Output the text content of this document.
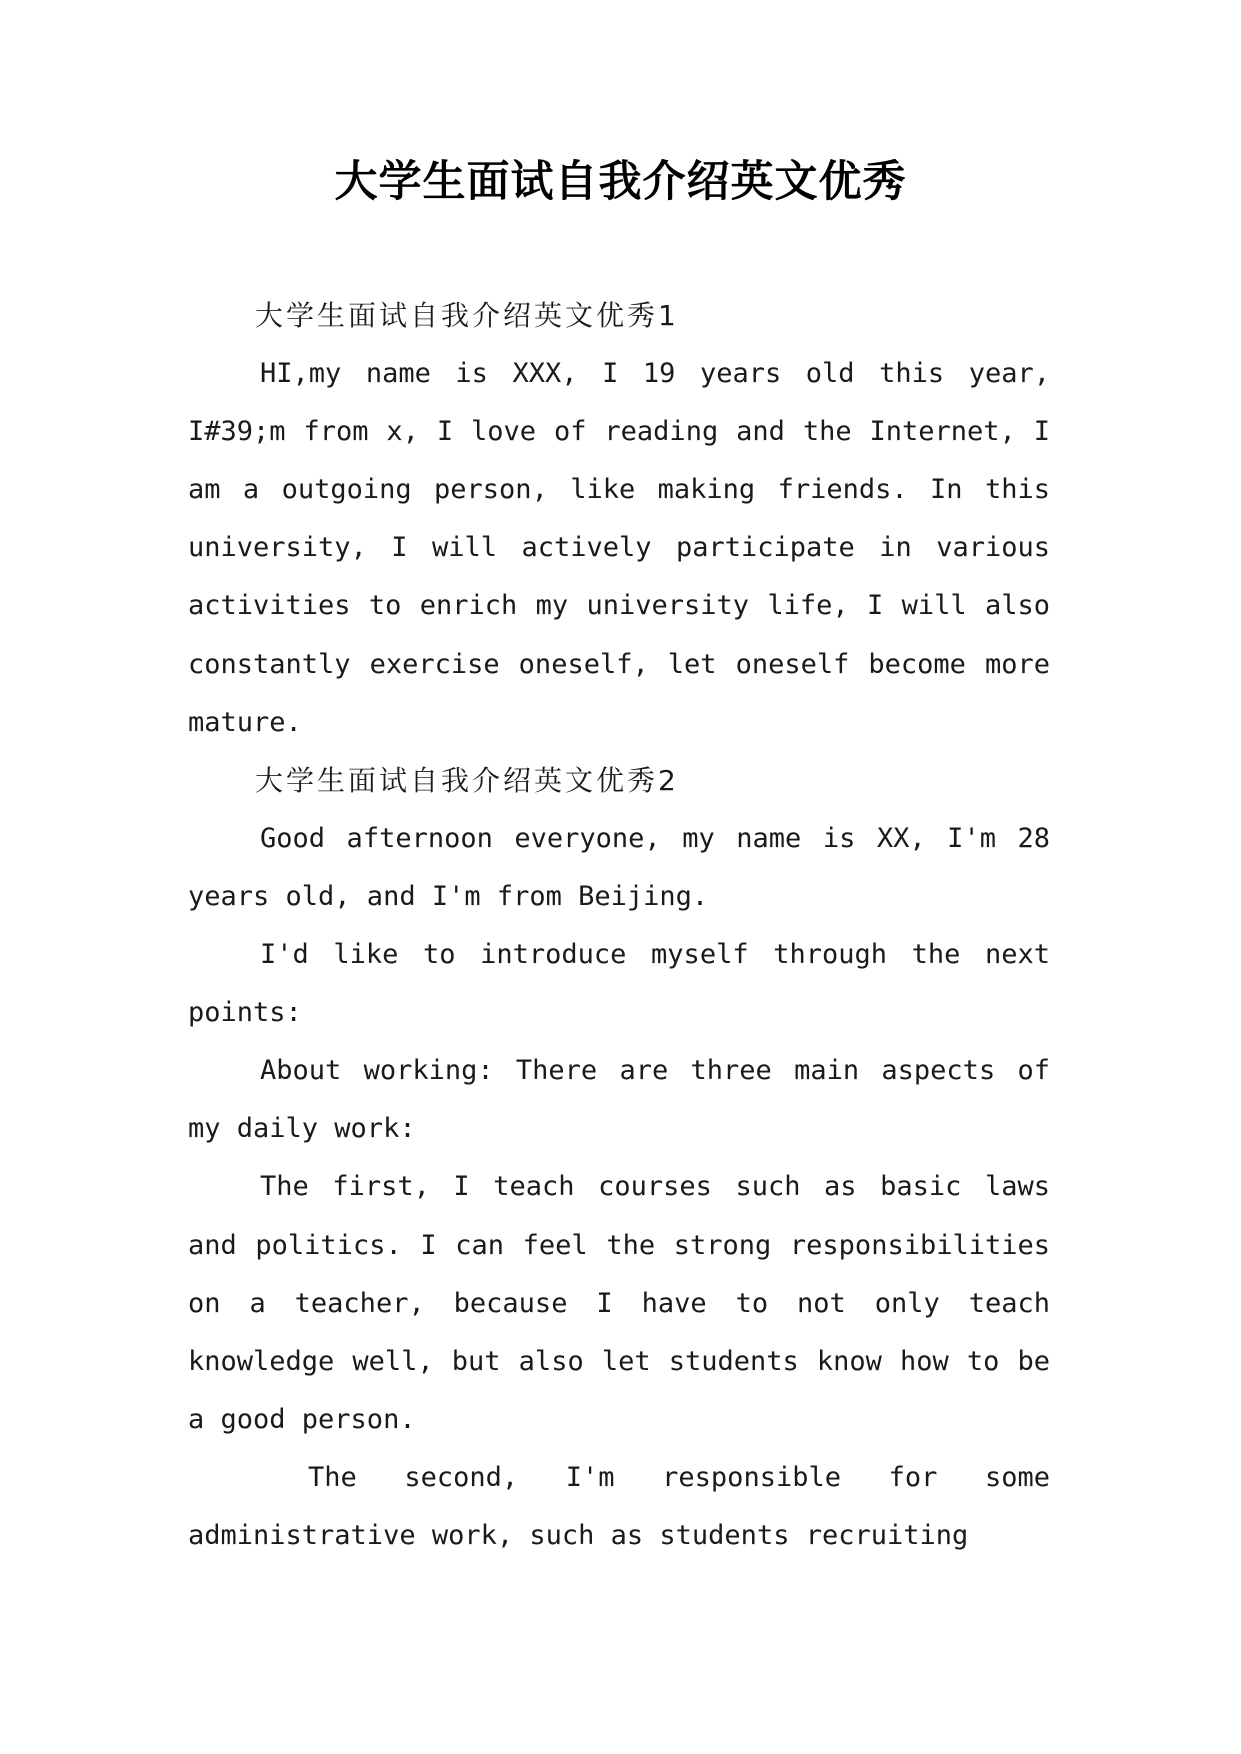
大学生面试自我介绍英文优秀

大学生面试自我介绍英文优秀1

HI,my name is XXX, I 19 years old this year, I#39;m from x, I love of reading and the Internet, I am a outgoing person, like making friends. In this university, I will actively participate in various activities to enrich my university life, I will also constantly exercise oneself, let oneself become more mature.

大学生面试自我介绍英文优秀2

Good afternoon everyone, my name is XX, I'm 28 years old, and I'm from Beijing.

I'd like to introduce myself through the next points:

About working: There are three main aspects of my daily work:

The first, I teach courses such as basic laws and politics. I can feel the strong responsibilities on a teacher, because I have to not only teach knowledge well, but also let students know how to be a good person.

The second, I'm responsible for some administrative work, such as students recruiting
